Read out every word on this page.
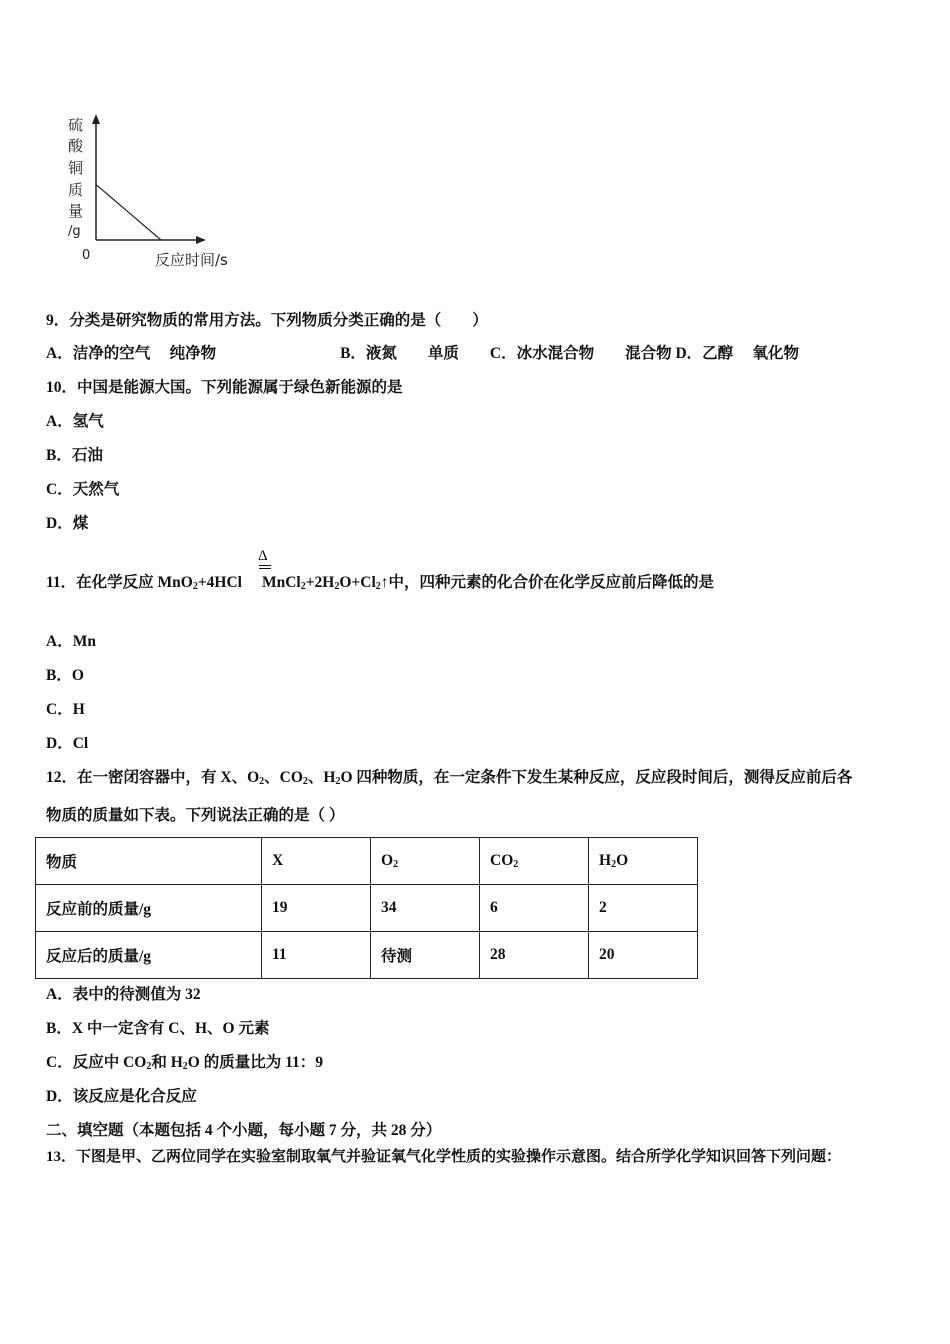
硫
酸
铜
质
量
/g
0	反应时间/s
9．分类是研究物质的常用方法。下列物质分类正确的是（　　）
A．洁净的空气　 纯净物　　　　　　　　B．液氮　　单质　　C．冰水混合物　　混合物 D．乙醇　 氧化物
10．中国是能源大国。下列能源属于绿色新能源的是
A．氢气
B．石油
C．天然气
D．煤
Δ
11．在化学反应 MnO$_2$+4HCl $MnCl_2+2H_2O+Cl_2↑$中，四种元素的化合价在化学反应前后降低的是
A．Mn
B．O
C．H
D．Cl
12．在一密闭容器中，有 X、$O_2$、$CO_2$、$H_2O$ 四种物质，在一定条件下发生某种反应，反应段时间后，测得反应前后各
物质的质量如下表。下列说法正确的是（ ）
物质	X	$O_2$	$CO_2$	$H_2O$
反应前的质量/g	19	34	6	2
反应后的质量/g	11	待测	28	20
A．表中的待测值为 32
B．X 中一定含有 C、H、O 元素
C．反应中 $CO_2$和 $H_2O$ 的质量比为 11：9
D．该反应是化合反应
二、填空题（本题包括 4 个小题，每小题 7 分，共 28 分）
13．下图是甲、乙两位同学在实验室制取氧气并验证氧气化学性质的实验操作示意图。结合所学化学知识回答下列问题：
